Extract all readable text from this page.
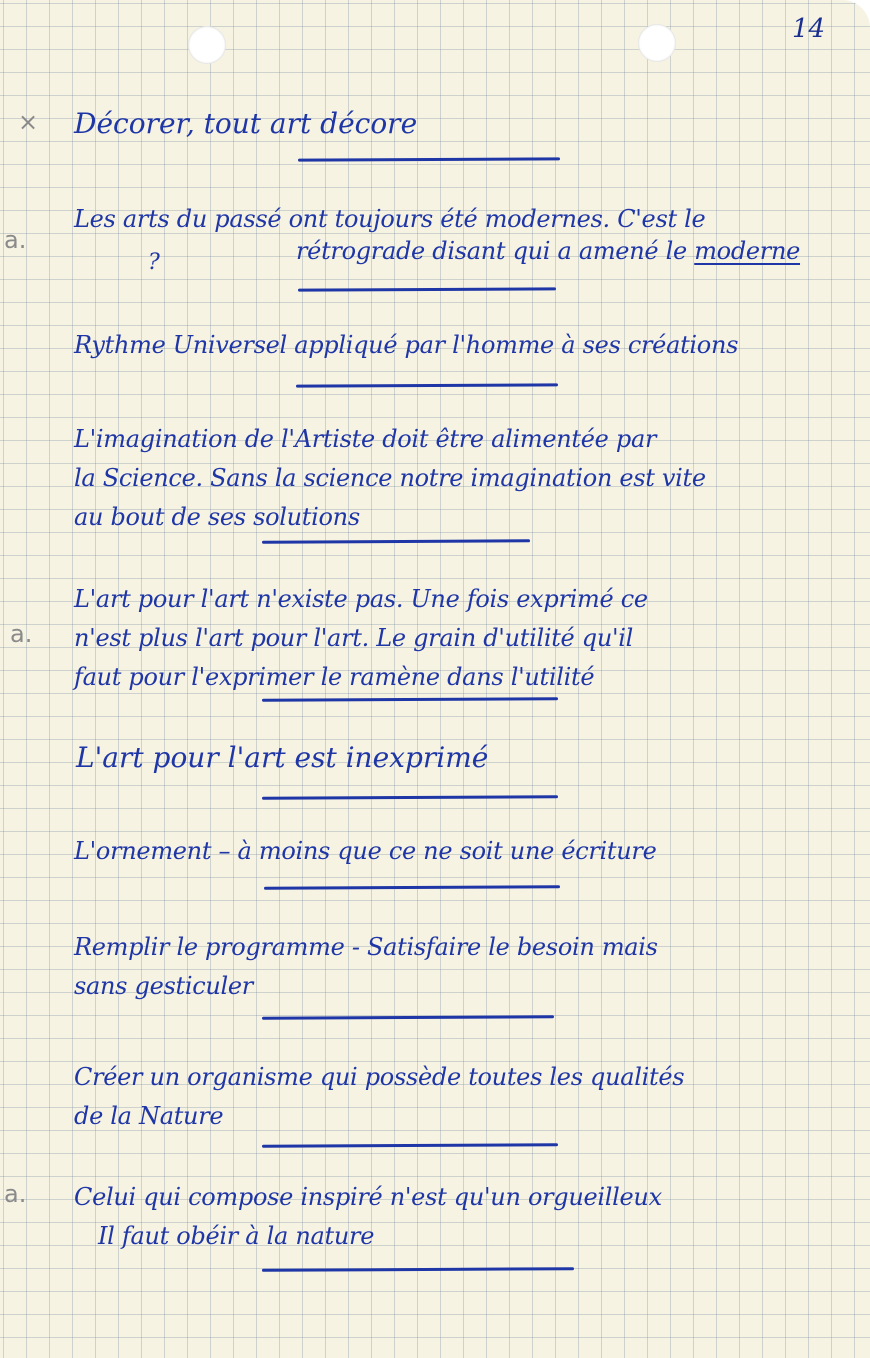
14
×
a.
a.
a.
Décorer, tout art décore
Les arts du passé ont toujours été modernes. C'est le
rétrograde disant qui a amené le moderne
?
Rythme Universel appliqué par l'homme à ses créations
L'imagination de l'Artiste doit être alimentée par
la Science. Sans la science notre imagination est vite
au bout de ses solutions
L'art pour l'art n'existe pas. Une fois exprimé ce
n'est plus l'art pour l'art. Le grain d'utilité qu'il
faut pour l'exprimer le ramène dans l'utilité
L'art pour l'art est inexprimé
L'ornement – à moins que ce ne soit une écriture
Remplir le programme - Satisfaire le besoin mais
sans gesticuler
Créer un organisme qui possède toutes les qualités
de la Nature
Celui qui compose inspiré n'est qu'un orgueilleux
Il faut obéir à la nature
